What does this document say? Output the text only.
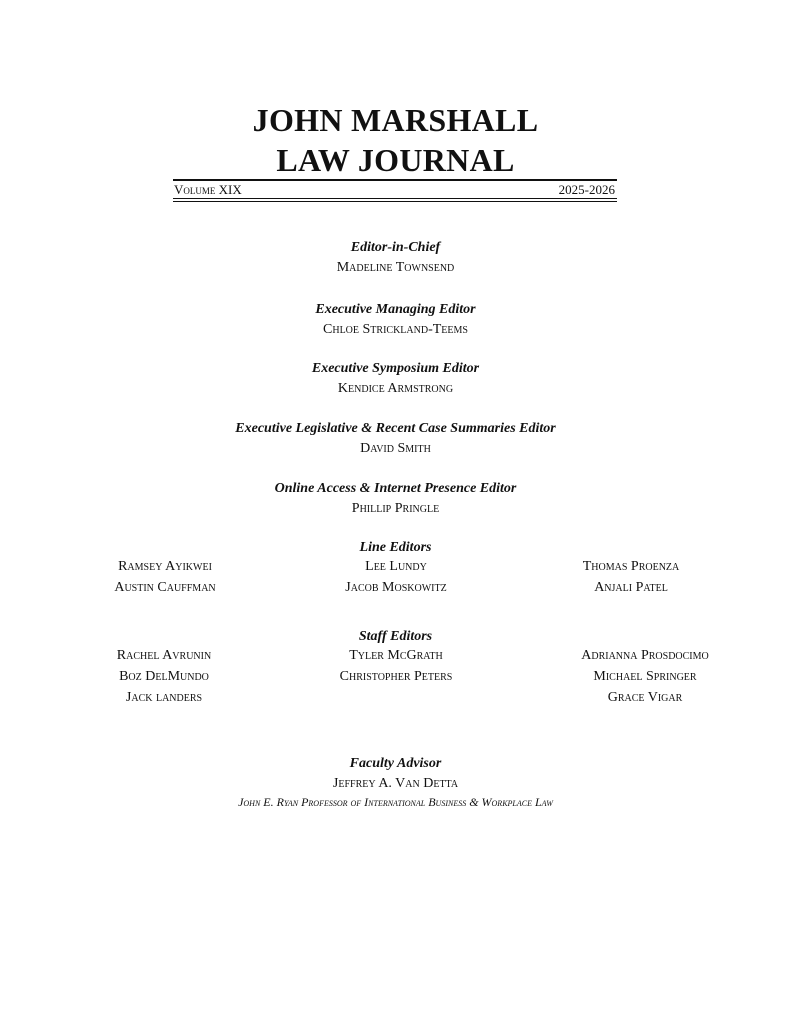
JOHN MARSHALL
LAW JOURNAL
Volume XIX	2025-2026
Editor-in-Chief
Madeline Townsend
Executive Managing Editor
Chloe Strickland-Teems
Executive Symposium Editor
Kendice Armstrong
Executive Legislative & Recent Case Summaries Editor
David Smith
Online Access & Internet Presence Editor
Phillip Pringle
Line Editors
Ramsey Ayikwei
Austin Cauffman
Lee Lundy
Jacob Moskowitz
Thomas Proenza
Anjali Patel
Staff Editors
Rachel Avrunin
Boz DelMundo
Jack landers
Tyler McGrath
Christopher Peters
Adrianna Prosdocimo
Michael Springer
Grace Vigar
Faculty Advisor
Jeffrey A. Van Detta
John E. Ryan Professor of International Business & Workplace Law
